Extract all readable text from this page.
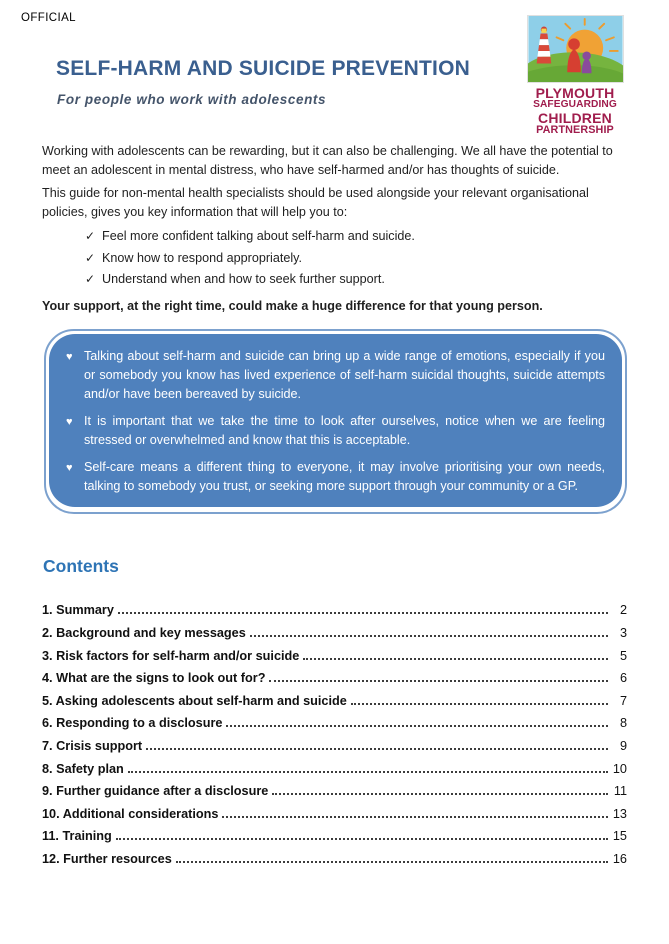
OFFICIAL
SELF-HARM AND SUICIDE PREVENTION
For people who work with adolescents	PLYMOUTH
SAFEGUARDING
CHILDREN
PARTNERSHIP

Working with adolescents can be rewarding, but it can also be challenging. We all have the potential to meet an adolescent in mental distress, who have self-harmed and/or has thoughts of suicide.

This guide for non-mental health specialists should be used alongside your relevant organisational policies, gives you key information that will help you to:

✓ Feel more confident talking about self-harm and suicide.
✓ Know how to respond appropriately.
✓ Understand when and how to seek further support.

Your support, at the right time, could make a huge difference for that young person.

♥ Talking about self-harm and suicide can bring up a wide range of emotions, especially if you or somebody you know has lived experience of self-harm suicidal thoughts, suicide attempts and/or have been bereaved by suicide.
♥ It is important that we take the time to look after ourselves, notice when we are feeling stressed or overwhelmed and know that this is acceptable.
♥ Self-care means a different thing to everyone, it may involve prioritising your own needs, talking to somebody you trust, or seeking more support through your community or a GP.
Contents
1. Summary	2
2. Background and key messages	3
3. Risk factors for self-harm and/or suicide	5
4. What are the signs to look out for?	6
5. Asking adolescents about self-harm and suicide	7
6. Responding to a disclosure	8
7. Crisis support	9
8. Safety plan	10
9. Further guidance after a disclosure	11
10. Additional considerations	13
11. Training	15
12. Further resources	16
